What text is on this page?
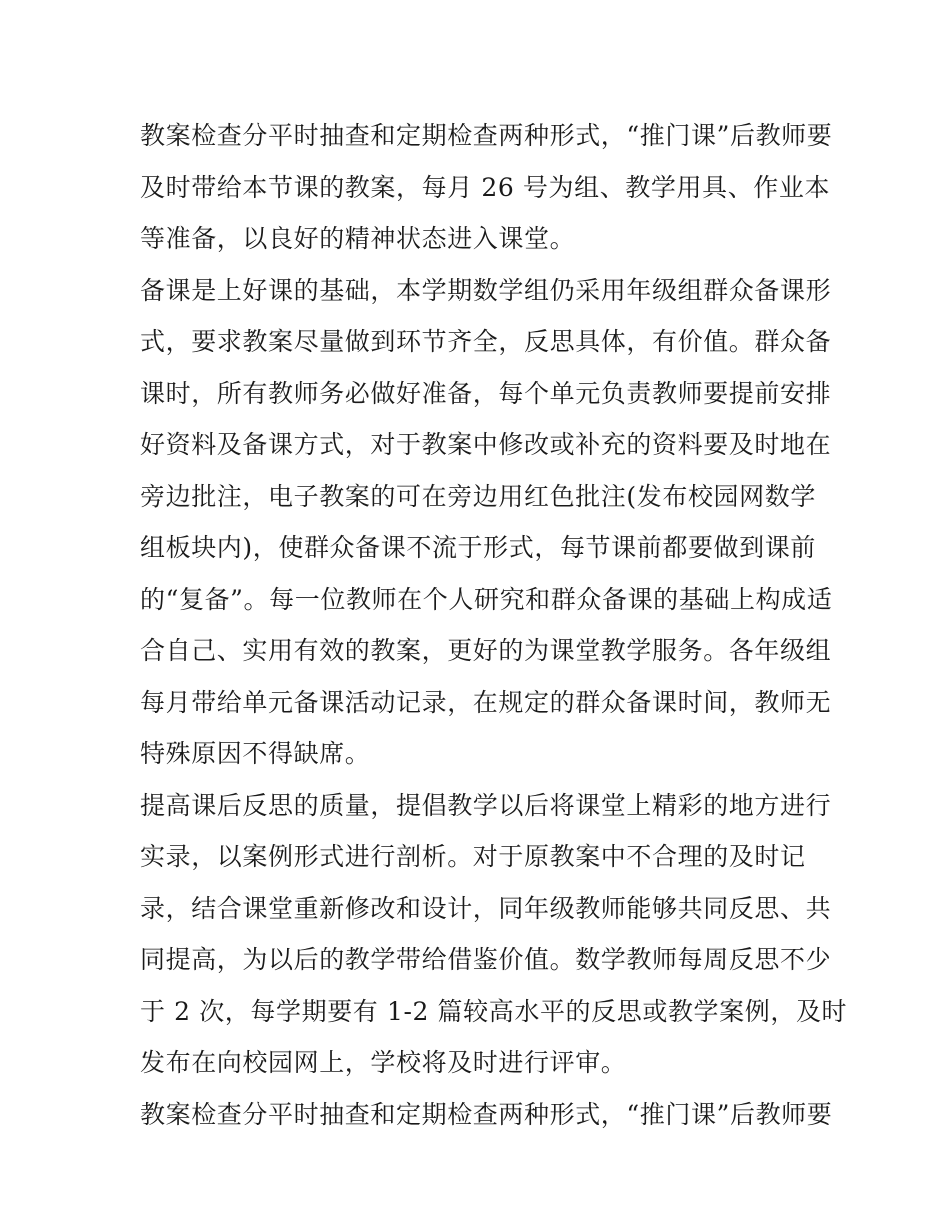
教案检查分平时抽查和定期检查两种形式，“推门课”后教师要
及时带给本节课的教案，每月 26 号为组、教学用具、作业本
等准备，以良好的精神状态进入课堂。
备课是上好课的基础，本学期数学组仍采用年级组群众备课形
式，要求教案尽量做到环节齐全，反思具体，有价值。群众备
课时，所有教师务必做好准备，每个单元负责教师要提前安排
好资料及备课方式，对于教案中修改或补充的资料要及时地在
旁边批注，电子教案的可在旁边用红色批注(发布校园网数学
组板块内)，使群众备课不流于形式，每节课前都要做到课前
的“复备”。每一位教师在个人研究和群众备课的基础上构成适
合自己、实用有效的教案，更好的为课堂教学服务。各年级组
每月带给单元备课活动记录，在规定的群众备课时间，教师无
特殊原因不得缺席。
提高课后反思的质量，提倡教学以后将课堂上精彩的地方进行
实录，以案例形式进行剖析。对于原教案中不合理的及时记
录，结合课堂重新修改和设计，同年级教师能够共同反思、共
同提高，为以后的教学带给借鉴价值。数学教师每周反思不少
于 2 次，每学期要有 1-2 篇较高水平的反思或教学案例，及时
发布在向校园网上，学校将及时进行评审。
教案检查分平时抽查和定期检查两种形式，“推门课”后教师要
